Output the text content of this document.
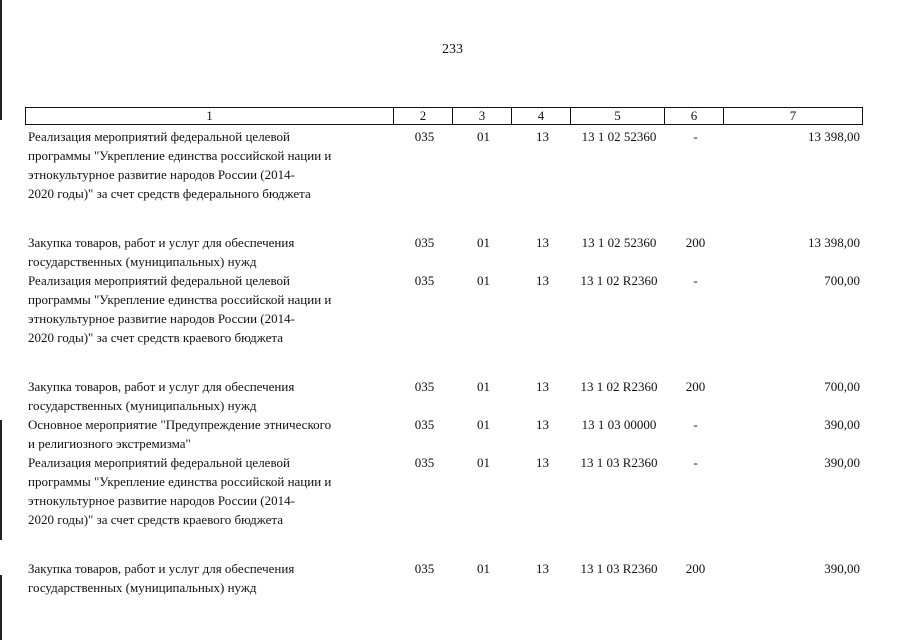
233
1	2	3	4	5	6	7
Реализация мероприятий федеральной целевой
программы "Укрепление единства российской нации и
этнокультурное развитие народов России (2014-
2020 годы)" за счет средств федерального бюджета
035	01	13	13 1 02 52360	-	13 398,00
Закупка товаров, работ и услуг для обеспечения
государственных (муниципальных) нужд
035	01	13	13 1 02 52360	200	13 398,00
Реализация мероприятий федеральной целевой
программы "Укрепление единства российской нации и
этнокультурное развитие народов России (2014-
2020 годы)" за счет средств краевого бюджета
035	01	13	13 1 02 R2360	-	700,00
Закупка товаров, работ и услуг для обеспечения
государственных (муниципальных) нужд
035	01	13	13 1 02 R2360	200	700,00
Основное мероприятие "Предупреждение этнического
и религиозного экстремизма"
035	01	13	13 1 03 00000	-	390,00
Реализация мероприятий федеральной целевой
программы "Укрепление единства российской нации и
этнокультурное развитие народов России (2014-
2020 годы)" за счет средств краевого бюджета
035	01	13	13 1 03 R2360	-	390,00
Закупка товаров, работ и услуг для обеспечения
государственных (муниципальных) нужд
035	01	13	13 1 03 R2360	200	390,00
